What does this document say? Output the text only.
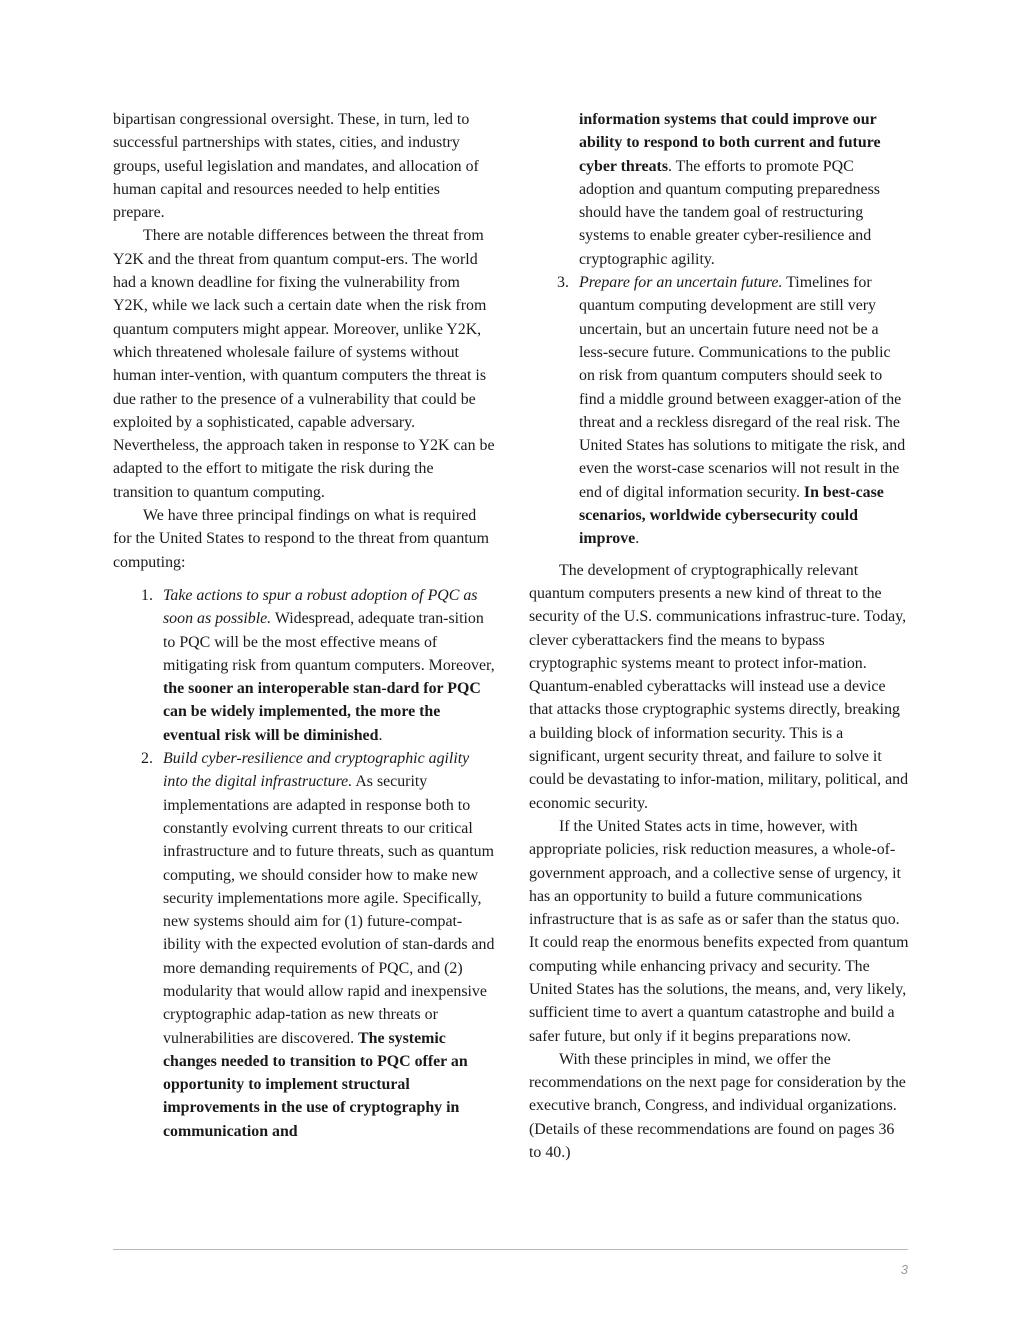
bipartisan congressional oversight. These, in turn, led to successful partnerships with states, cities, and industry groups, useful legislation and mandates, and allocation of human capital and resources needed to help entities prepare.

There are notable differences between the threat from Y2K and the threat from quantum comput-ers. The world had a known deadline for fixing the vulnerability from Y2K, while we lack such a certain date when the risk from quantum computers might appear. Moreover, unlike Y2K, which threatened wholesale failure of systems without human inter-vention, with quantum computers the threat is due rather to the presence of a vulnerability that could be exploited by a sophisticated, capable adversary. Nevertheless, the approach taken in response to Y2K can be adapted to the effort to mitigate the risk during the transition to quantum computing.

We have three principal findings on what is required for the United States to respond to the threat from quantum computing:

1. Take actions to spur a robust adoption of PQC as soon as possible. Widespread, adequate tran-sition to PQC will be the most effective means of mitigating risk from quantum computers. Moreover, the sooner an interoperable stan-dard for PQC can be widely implemented, the more the eventual risk will be diminished.
2. Build cyber-resilience and cryptographic agility into the digital infrastructure. As security implementations are adapted in response both to constantly evolving current threats to our critical infrastructure and to future threats, such as quantum computing, we should consider how to make new security implementations more agile. Specifically, new systems should aim for (1) future-compat-ibility with the expected evolution of stan-dards and more demanding requirements of PQC, and (2) modularity that would allow rapid and inexpensive cryptographic adap-tation as new threats or vulnerabilities are discovered. The systemic changes needed to transition to PQC offer an opportunity to implement structural improvements in the use of cryptography in communication and
information systems that could improve our ability to respond to both current and future cyber threats. The efforts to promote PQC adoption and quantum computing preparedness should have the tandem goal of restructuring systems to enable greater cyber-resilience and cryptographic agility.
3. Prepare for an uncertain future. Timelines for quantum computing development are still very uncertain, but an uncertain future need not be a less-secure future. Communications to the public on risk from quantum computers should seek to find a middle ground between exagger-ation of the threat and a reckless disregard of the real risk. The United States has solutions to mitigate the risk, and even the worst-case scenarios will not result in the end of digital information security. In best-case scenarios, worldwide cybersecurity could improve.

The development of cryptographically relevant quantum computers presents a new kind of threat to the security of the U.S. communications infrastruc-ture. Today, clever cyberattackers find the means to bypass cryptographic systems meant to protect infor-mation. Quantum-enabled cyberattacks will instead use a device that attacks those cryptographic systems directly, breaking a building block of information security. This is a significant, urgent security threat, and failure to solve it could be devastating to infor-mation, military, political, and economic security.

If the United States acts in time, however, with appropriate policies, risk reduction measures, a whole-of-government approach, and a collective sense of urgency, it has an opportunity to build a future communications infrastructure that is as safe as or safer than the status quo. It could reap the enormous benefits expected from quantum computing while enhancing privacy and security. The United States has the solutions, the means, and, very likely, sufficient time to avert a quantum catastrophe and build a safer future, but only if it begins preparations now.

With these principles in mind, we offer the recommendations on the next page for consideration by the executive branch, Congress, and individual organizations. (Details of these recommendations are found on pages 36 to 40.)

3
